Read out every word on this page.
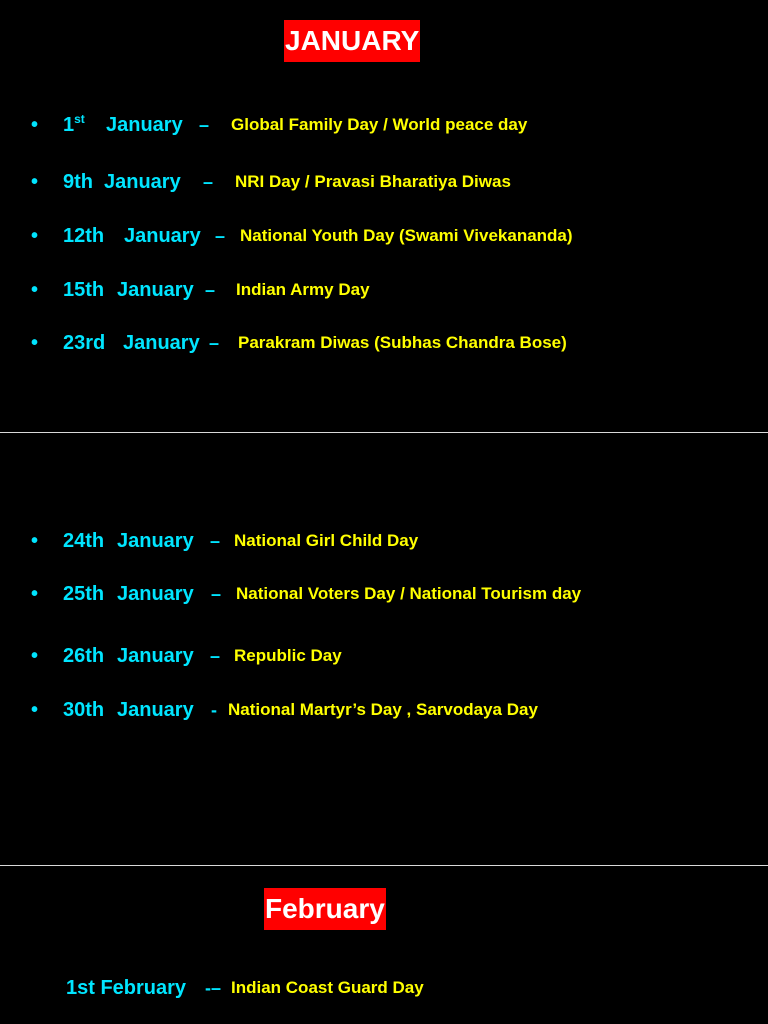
JANUARY
• 1st January – Global Family Day / World peace day
• 9th January – NRI Day / Pravasi Bharatiya Diwas
• 12th January – National Youth Day (Swami Vivekananda)
• 15th January – Indian Army Day
• 23rd January – Parakram Diwas (Subhas Chandra Bose)
• 24th January – National Girl Child Day
• 25th January – National Voters Day / National Tourism day
• 26th January – Republic Day
• 30th January - National Martyr’s Day , Sarvodaya Day
February
1st February -– Indian Coast Guard Day
